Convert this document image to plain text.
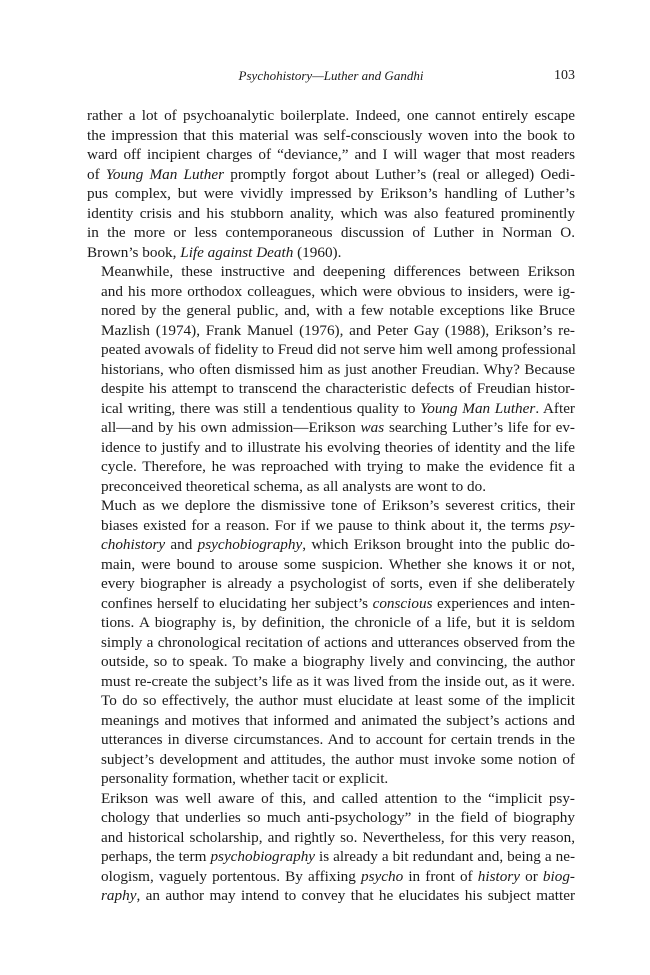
Psychohistory—Luther and Gandhi	103

rather a lot of psychoanalytic boilerplate. Indeed, one cannot entirely escape
the impression that this material was self-consciously woven into the book to
ward off incipient charges of “deviance,” and I will wager that most readers
of Young Man Luther promptly forgot about Luther’s (real or alleged) Oedi-
pus complex, but were vividly impressed by Erikson’s handling of Luther’s
identity crisis and his stubborn anality, which was also featured prominently
in the more or less contemporaneous discussion of Luther in Norman O.
Brown’s book, Life against Death (1960).

Meanwhile, these instructive and deepening differences between Erikson
and his more orthodox colleagues, which were obvious to insiders, were ig-
nored by the general public, and, with a few notable exceptions like Bruce
Mazlish (1974), Frank Manuel (1976), and Peter Gay (1988), Erikson’s re-
peated avowals of fidelity to Freud did not serve him well among professional
historians, who often dismissed him as just another Freudian. Why? Because
despite his attempt to transcend the characteristic defects of Freudian histor-
ical writing, there was still a tendentious quality to Young Man Luther. After
all—and by his own admission—Erikson was searching Luther’s life for ev-
idence to justify and to illustrate his evolving theories of identity and the life
cycle. Therefore, he was reproached with trying to make the evidence fit a
preconceived theoretical schema, as all analysts are wont to do.

Much as we deplore the dismissive tone of Erikson’s severest critics, their
biases existed for a reason. For if we pause to think about it, the terms psy-
chohistory and psychobiography, which Erikson brought into the public do-
main, were bound to arouse some suspicion. Whether she knows it or not,
every biographer is already a psychologist of sorts, even if she deliberately
confines herself to elucidating her subject’s conscious experiences and inten-
tions. A biography is, by definition, the chronicle of a life, but it is seldom
simply a chronological recitation of actions and utterances observed from the
outside, so to speak. To make a biography lively and convincing, the author
must re-create the subject’s life as it was lived from the inside out, as it were.
To do so effectively, the author must elucidate at least some of the implicit
meanings and motives that informed and animated the subject’s actions and
utterances in diverse circumstances. And to account for certain trends in the
subject’s development and attitudes, the author must invoke some notion of
personality formation, whether tacit or explicit.

Erikson was well aware of this, and called attention to the “implicit psy-
chology that underlies so much anti-psychology” in the field of biography
and historical scholarship, and rightly so. Nevertheless, for this very reason,
perhaps, the term psychobiography is already a bit redundant and, being a ne-
ologism, vaguely portentous. By affixing psycho in front of history or biog-
raphy, an author may intend to convey that he elucidates his subject matter
